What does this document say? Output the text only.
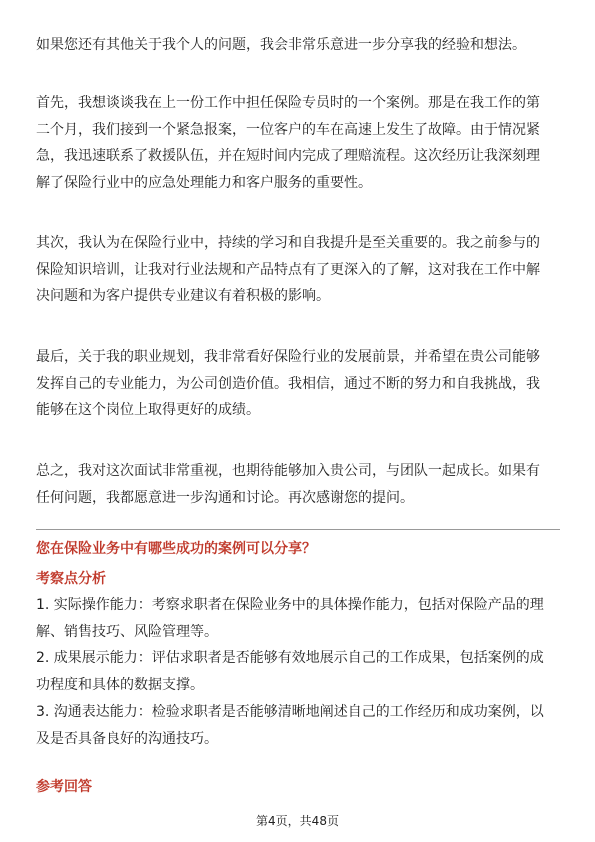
如果您还有其他关于我个人的问题，我会非常乐意进一步分享我的经验和想法。
首先，我想谈谈我在上一份工作中担任保险专员时的一个案例。那是在我工作的第
二个月，我们接到一个紧急报案，一位客户的车在高速上发生了故障。由于情况紧
急，我迅速联系了救援队伍，并在短时间内完成了理赔流程。这次经历让我深刻理
解了保险行业中的应急处理能力和客户服务的重要性。
其次，我认为在保险行业中，持续的学习和自我提升是至关重要的。我之前参与的
保险知识培训，让我对行业法规和产品特点有了更深入的了解，这对我在工作中解
决问题和为客户提供专业建议有着积极的影响。
最后，关于我的职业规划，我非常看好保险行业的发展前景，并希望在贵公司能够
发挥自己的专业能力，为公司创造价值。我相信，通过不断的努力和自我挑战，我
能够在这个岗位上取得更好的成绩。
总之，我对这次面试非常重视，也期待能够加入贵公司，与团队一起成长。如果有
任何问题，我都愿意进一步沟通和讨论。再次感谢您的提问。
您在保险业务中有哪些成功的案例可以分享？
考察点分析
1. 实际操作能力：考察求职者在保险业务中的具体操作能力，包括对保险产品的理
解、销售技巧、风险管理等。
2. 成果展示能力：评估求职者是否能够有效地展示自己的工作成果，包括案例的成
功程度和具体的数据支撑。
3. 沟通表达能力：检验求职者是否能够清晰地阐述自己的工作经历和成功案例，以
及是否具备良好的沟通技巧。
参考回答
第4页，共48页
